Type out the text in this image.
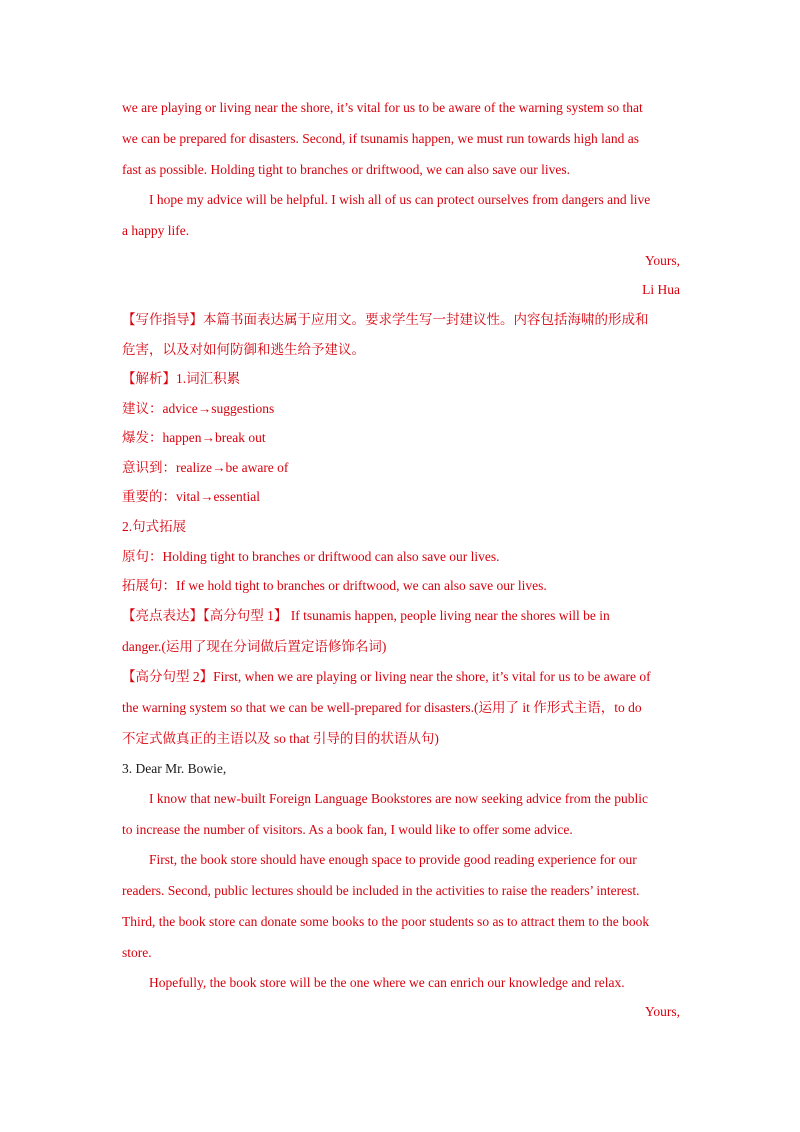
we are playing or living near the shore, it’s vital for us to be aware of the warning system so that
we can be prepared for disasters. Second, if tsunamis happen, we must run towards high land as
fast as possible. Holding tight to branches or driftwood, we can also save our lives.
I hope my advice will be helpful. I wish all of us can protect ourselves from dangers and live
a happy life.
Yours,
Li Hua
【写作指导】本篇书面表达属于应用文。要求学生写一封建议性。内容包括海啸的形成和
危害，以及对如何防御和逃生给予建议。
【解析】1.词汇积累
建议：advice→suggestions
爆发：happen→break out
意识到：realize→be aware of
重要的：vital→essential
2.句式拓展
原句：Holding tight to branches or driftwood can also save our lives.
拓展句：If we hold tight to branches or driftwood, we can also save our lives.
【亮点表达】【高分句型 1】 If tsunamis happen, people living near the shores will be in
danger.(运用了现在分词做后置定语修饰名词)
【高分句型 2】First, when we are playing or living near the shore, it’s vital for us to be aware of
the warning system so that we can be well-prepared for disasters.(运用了 it 作形式主语，to do
不定式做真正的主语以及 so that 引导的目的状语从句)
3. Dear Mr. Bowie,
I know that new-built Foreign Language Bookstores are now seeking advice from the public
to increase the number of visitors. As a book fan, I would like to offer some advice.
First, the book store should have enough space to provide good reading experience for our
readers. Second, public lectures should be included in the activities to raise the readers’ interest.
Third, the book store can donate some books to the poor students so as to attract them to the book
store.
Hopefully, the book store will be the one where we can enrich our knowledge and relax.
Yours,
